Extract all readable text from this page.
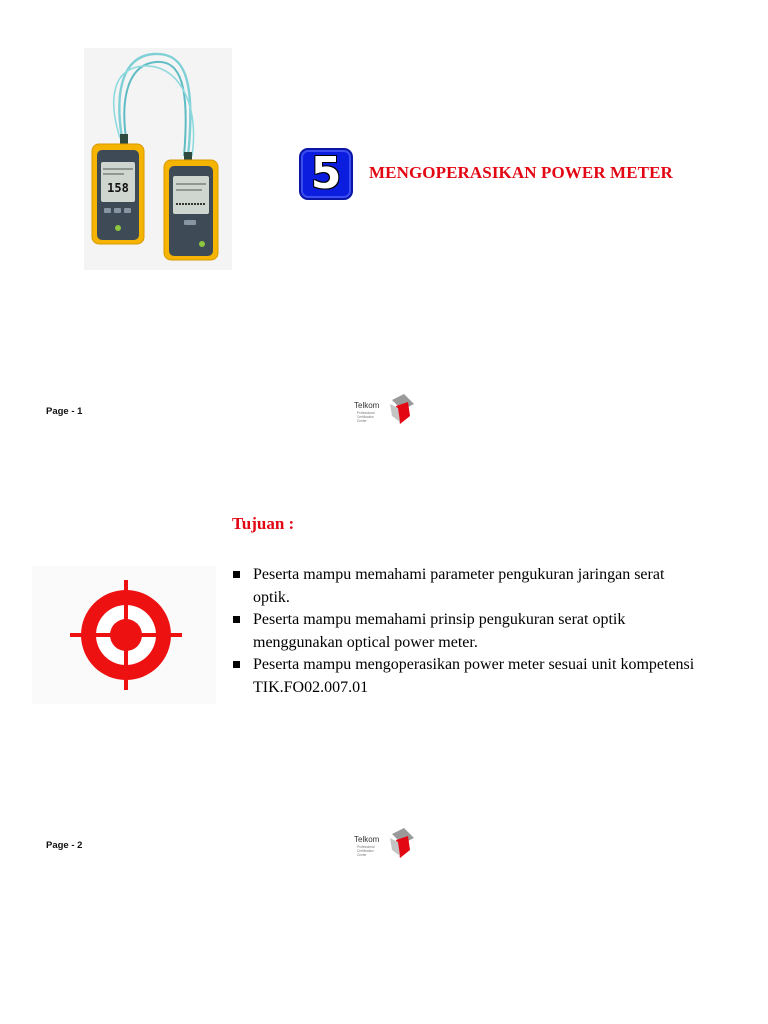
158	5	MENGOPERASIKAN POWER METER
Page - 1
Telkom
Professional
Certification
Center
Tujuan :
Peserta mampu memahami parameter pengukuran jaringan serat optik.
Peserta mampu memahami prinsip pengukuran serat optik menggunakan optical power meter.
Peserta mampu mengoperasikan power meter sesuai unit kompetensi TIK.FO02.007.01
Page - 2
Telkom
Professional
Certification
Center
